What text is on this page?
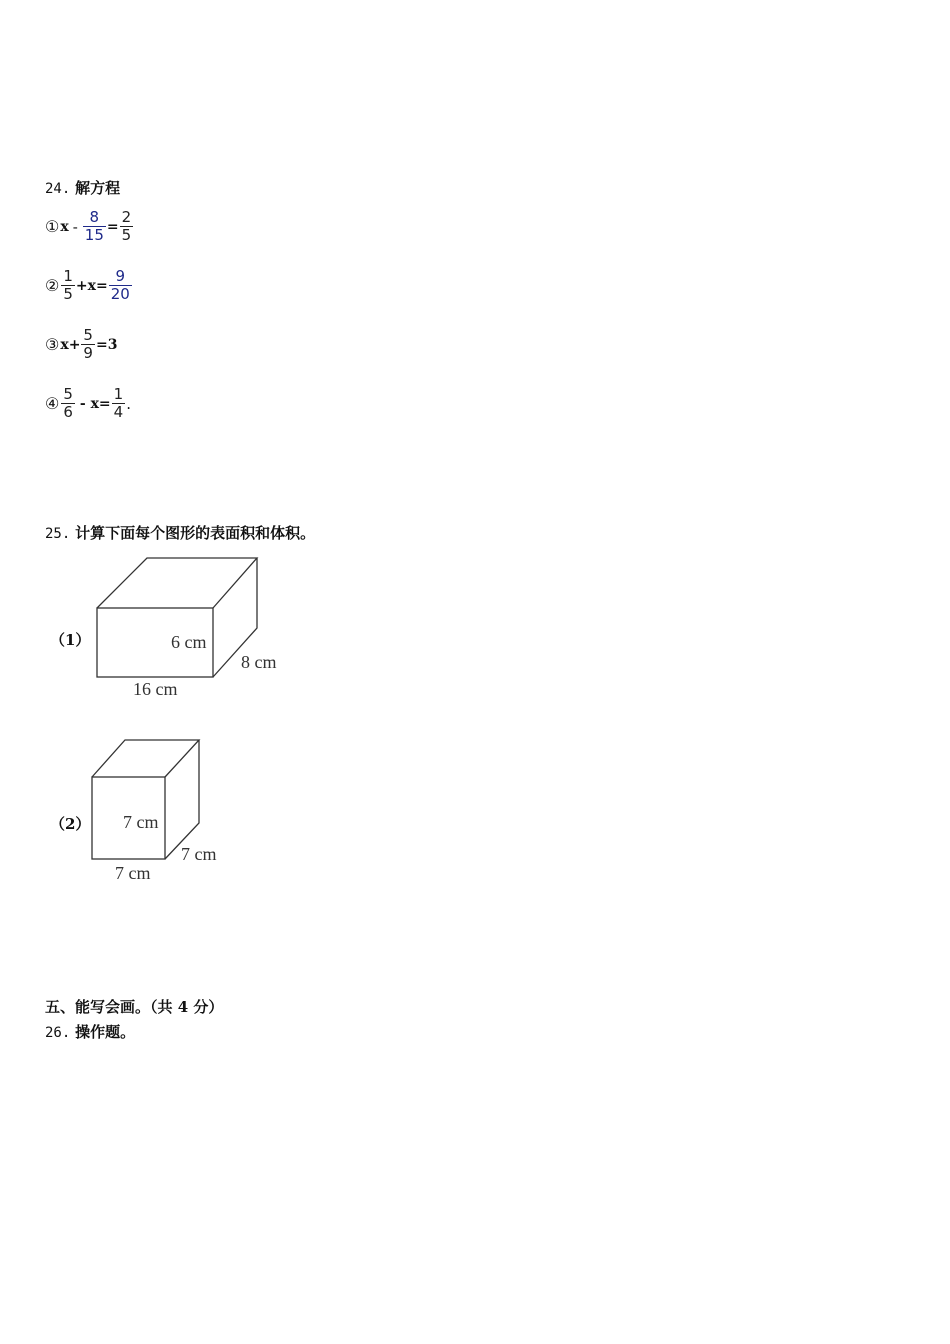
24. 解方程
① $x - \frac{8}{15} = \frac{2}{5}$
② $\frac{1}{5} +x= \frac{9}{20}$
③ $x+ \frac{5}{9} =3$
④ $\frac{5}{6} - x= \frac{1}{4}$ .
25. 计算下面每个图形的表面积和体积。
（1）	6 cm
8 cm
16 cm
（2） 7 cm
7 cm
7 cm
五、能写会画。（共 4 分）
26. 操作题。
